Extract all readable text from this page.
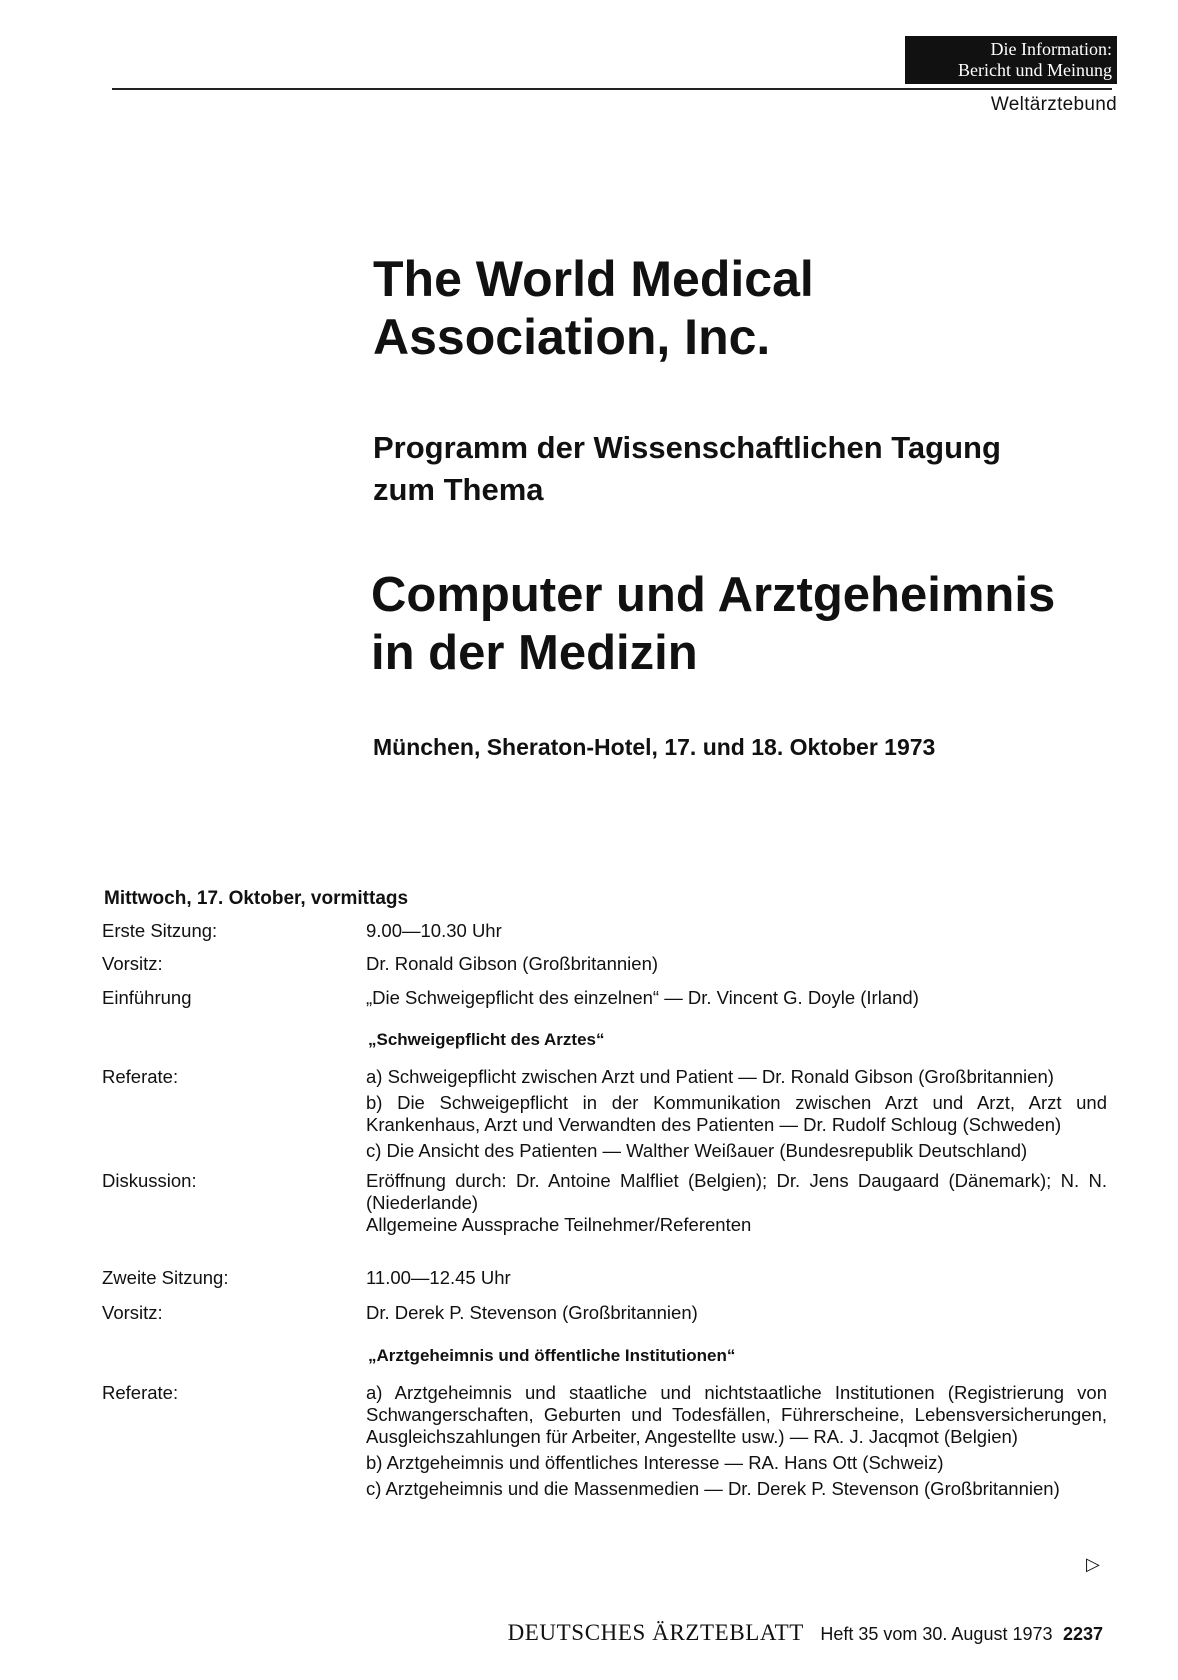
Die Information:
Bericht und Meinung
Weltärztebund
The World Medical
Association, Inc.
Programm der Wissenschaftlichen Tagung
zum Thema
Computer und Arztgeheimnis
in der Medizin
München, Sheraton-Hotel, 17. und 18. Oktober 1973
Mittwoch, 17. Oktober, vormittags
Erste Sitzung:	9.00—10.30 Uhr
Vorsitz:	Dr. Ronald Gibson (Großbritannien)
Einführung	„Die Schweigepflicht des einzelnen“ — Dr. Vincent G. Doyle (Irland)
„Schweigepflicht des Arztes“
Referate:	a) Schweigepflicht zwischen Arzt und Patient — Dr. Ronald Gibson (Großbritannien)
b) Die Schweigepflicht in der Kommunikation zwischen Arzt und Arzt, Arzt und Krankenhaus, Arzt und Verwandten des Patienten — Dr. Rudolf Schloug (Schweden)
c) Die Ansicht des Patienten — Walther Weißauer (Bundesrepublik Deutschland)
Diskussion:	Eröffnung durch: Dr. Antoine Malfliet (Belgien); Dr. Jens Daugaard (Dänemark); N. N. (Niederlande)
Allgemeine Aussprache Teilnehmer/Referenten
Zweite Sitzung:	11.00—12.45 Uhr
Vorsitz:	Dr. Derek P. Stevenson (Großbritannien)
„Arztgeheimnis und öffentliche Institutionen“
Referate:	a) Arztgeheimnis und staatliche und nichtstaatliche Institutionen (Registrierung von Schwangerschaften, Geburten und Todesfällen, Führerscheine, Lebensversicherungen, Ausgleichszahlungen für Arbeiter, Angestellte usw.) — RA. J. Jacqmot (Belgien)
b) Arztgeheimnis und öffentliches Interesse — RA. Hans Ott (Schweiz)
c) Arztgeheimnis und die Massenmedien — Dr. Derek P. Stevenson (Großbritannien)
▷
DEUTSCHES ÄRZTEBLATT Heft 35 vom 30. August 1973 2237
